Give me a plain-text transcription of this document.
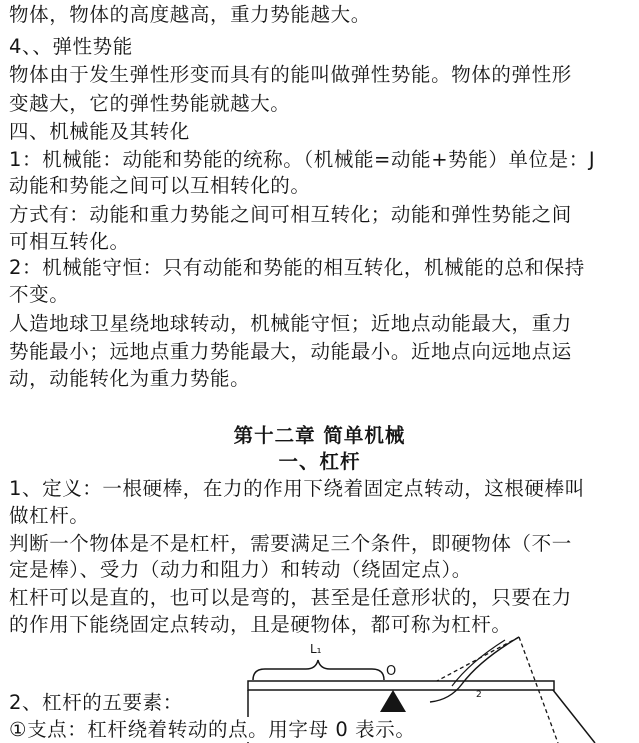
物体，物体的高度越高，重力势能越大。
4、、弹性势能
物体由于发生弹性形变而具有的能叫做弹性势能。物体的弹性形
变越大，它的弹性势能就越大。
四、机械能及其转化
1：机械能：动能和势能的统称。（机械能=动能+势能）单位是：J
动能和势能之间可以互相转化的。
方式有：动能和重力势能之间可相互转化；动能和弹性势能之间
可相互转化。
2：机械能守恒：只有动能和势能的相互转化，机械能的总和保持
不变。
人造地球卫星绕地球转动，机械能守恒；近地点动能最大，重力
势能最小；远地点重力势能最大，动能最小。近地点向远地点运
动，动能转化为重力势能。
第十二章 简单机械
一、杠杆
1、定义：一根硬棒，在力的作用下绕着固定点转动，这根硬棒叫
做杠杆。
判断一个物体是不是杠杆，需要满足三个条件，即硬物体（不一
定是棒）、受力（动力和阻力）和转动（绕固定点）。
杠杆可以是直的，也可以是弯的，甚至是任意形状的，只要在力
的作用下能绕固定点转动，且是硬物体，都可称为杠杆。
L₁
O
2
2、杠杆的五要素：
①支点：杠杆绕着转动的点。用字母 0 表示。
